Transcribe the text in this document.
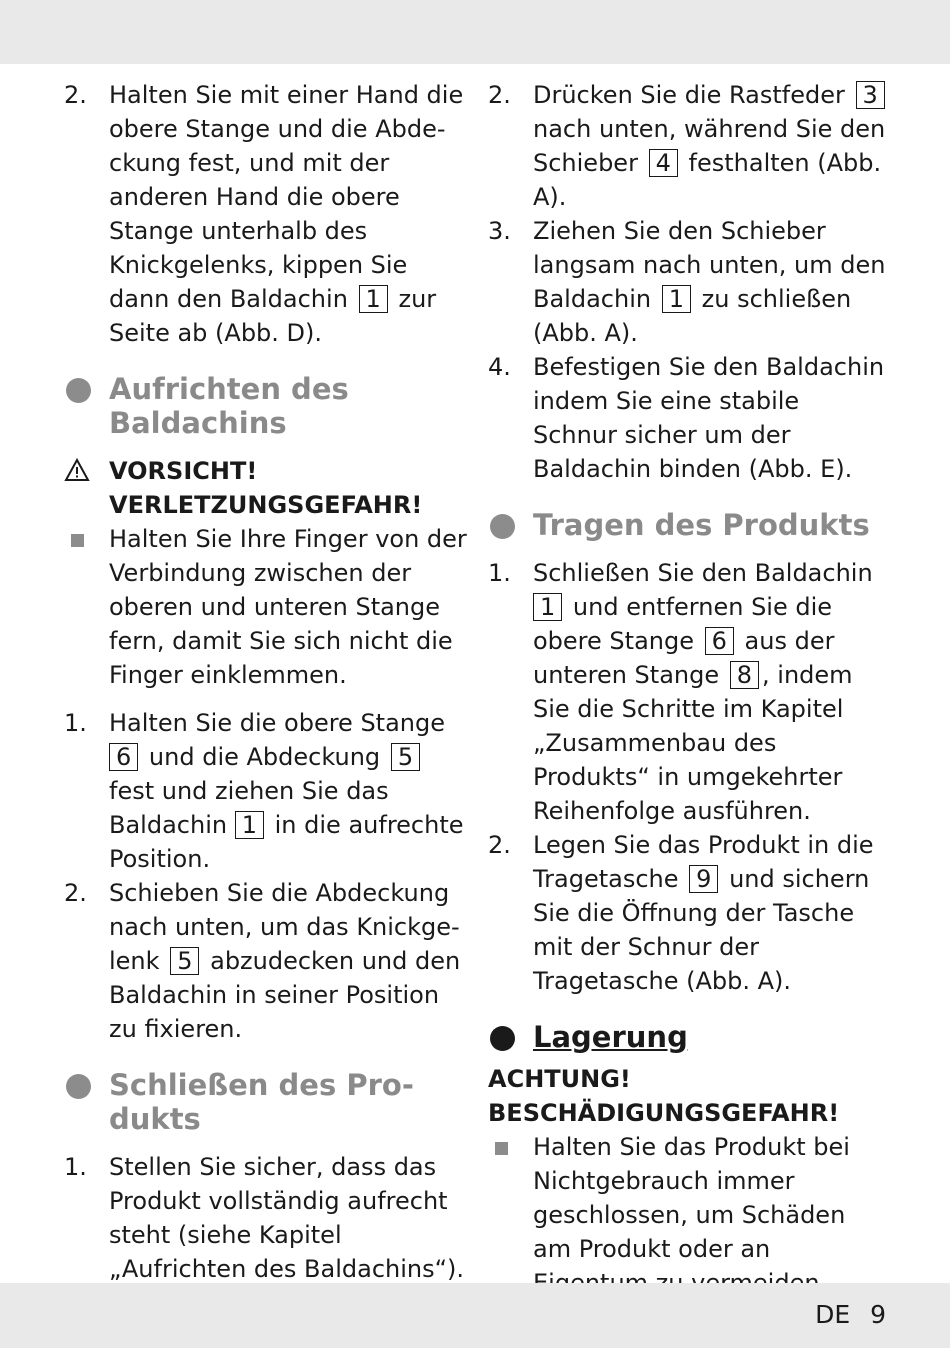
2. Halten Sie mit einer Hand die obere Stange und die Abdeckung fest, und mit der anderen Hand die obere Stange unterhalb des Knickgelenks, kippen Sie dann den Baldachin 1 zur Seite ab (Abb. D).
Aufrichten des Baldachins
VORSICHT!
VERLETZUNGSGEFAHR!
Halten Sie Ihre Finger von der Verbindung zwischen der oberen und unteren Stange fern, damit Sie sich nicht die Finger einklemmen.
1. Halten Sie die obere Stange 6 und die Abdeckung 5 fest und ziehen Sie das Baldachin 1 in die aufrechte Position.
2. Schieben Sie die Abdeckung nach unten, um das Knickgelenk 5 abzudecken und den Baldachin in seiner Position zu fixieren.
Schließen des Produkts
1. Stellen Sie sicher, dass das Produkt vollständig aufrecht steht (siehe Kapitel „Aufrichten des Baldachins“).
2. Drücken Sie die Rastfeder 3 nach unten, während Sie den Schieber 4 festhalten (Abb. A).
3. Ziehen Sie den Schieber langsam nach unten, um den Baldachin 1 zu schließen (Abb. A).
4. Befestigen Sie den Baldachin indem Sie eine stabile Schnur sicher um der Baldachin binden (Abb. E).
Tragen des Produkts
1. Schließen Sie den Baldachin 1 und entfernen Sie die obere Stange 6 aus der unteren Stange 8 , indem Sie die Schritte im Kapitel „Zusammenbau des Produkts“ in umgekehrter Reihenfolge ausführen.
2. Legen Sie das Produkt in die Tragetasche 9 und sichern Sie die Öffnung der Tasche mit der Schnur der Tragetasche (Abb. A).
Lagerung
ACHTUNG!
BESCHÄDIGUNGSGEFAHR!
Halten Sie das Produkt bei Nichtgebrauch immer geschlossen, um Schäden am Produkt oder an
DE 9
